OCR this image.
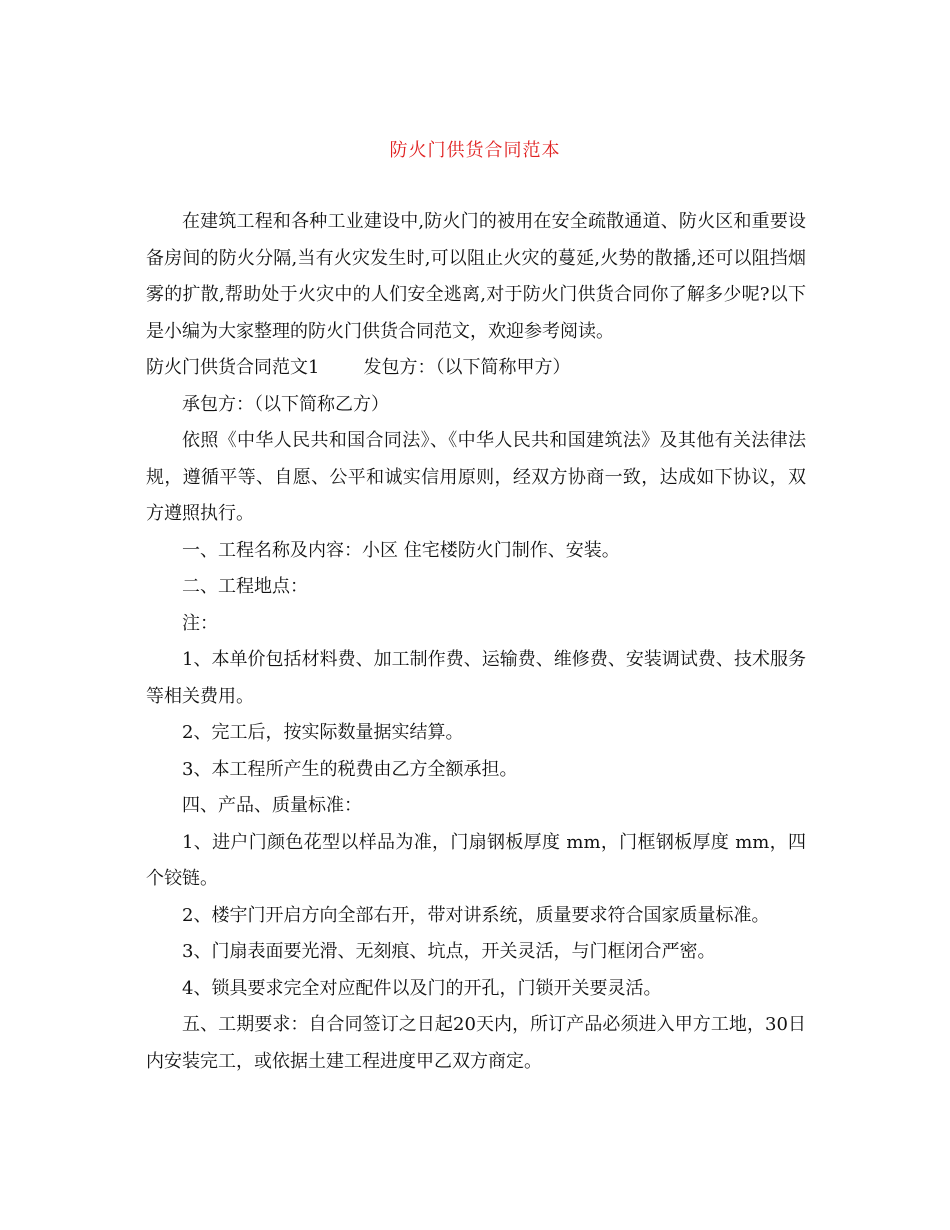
防火门供货合同范本

在建筑工程和各种工业建设中,防火门的被用在安全疏散通道、防火区和重要设备房间的防火分隔,当有火灾发生时,可以阻止火灾的蔓延,火势的散播,还可以阻挡烟雾的扩散,帮助处于火灾中的人们安全逃离,对于防火门供货合同你了解多少呢?以下是小编为大家整理的防火门供货合同范文，欢迎参考阅读。

防火门供货合同范文1 发包方：（以下简称甲方）

承包方：（以下简称乙方）

依照《中华人民共和国合同法》、《中华人民共和国建筑法》及其他有关法律法规，遵循平等、自愿、公平和诚实信用原则，经双方协商一致，达成如下协议，双方遵照执行。

一、工程名称及内容：小区 住宅楼防火门制作、安装。

二、工程地点：

注：

1、本单价包括材料费、加工制作费、运输费、维修费、安装调试费、技术服务等相关费用。

2、完工后，按实际数量据实结算。

3、本工程所产生的税费由乙方全额承担。

四、产品、质量标准：

1、进户门颜色花型以样品为准，门扇钢板厚度 mm，门框钢板厚度 mm，四个铰链。

2、楼宇门开启方向全部右开，带对讲系统，质量要求符合国家质量标准。

3、门扇表面要光滑、无刻痕、坑点，开关灵活，与门框闭合严密。

4、锁具要求完全对应配件以及门的开孔，门锁开关要灵活。

五、工期要求：自合同签订之日起20天内，所订产品必须进入甲方工地，30日内安装完工，或依据土建工程进度甲乙双方商定。
